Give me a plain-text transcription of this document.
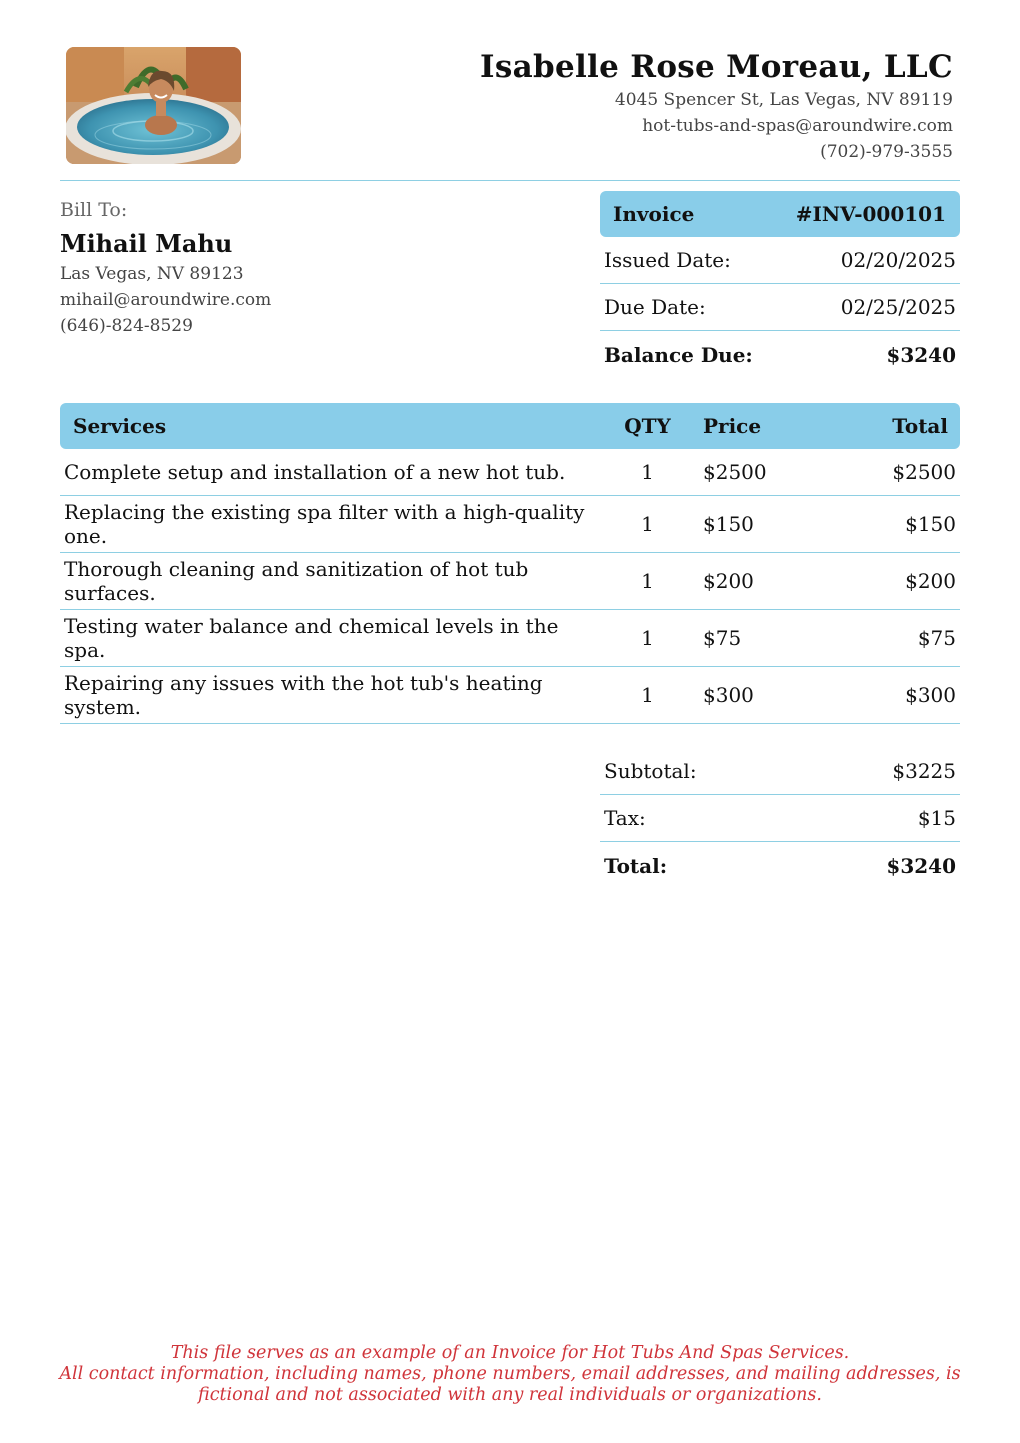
Isabelle Rose Moreau, LLC
4045 Spencer St, Las Vegas, NV 89119
hot-tubs-and-spas@aroundwire.com
(702)-979-3555
Bill To:
Mihail Mahu
Las Vegas, NV 89123
mihail@aroundwire.com
(646)-824-8529
Invoice	#INV-000101
Issued Date:	02/20/2025
Due Date:	02/25/2025
Balance Due:	$3240
Services	QTY	Price	Total
Complete setup and installation of a new hot tub.	1	$2500	$2500
Replacing the existing spa filter with a high-quality one.	1	$150	$150
Thorough cleaning and sanitization of hot tub surfaces.	1	$200	$200
Testing water balance and chemical levels in the spa.	1	$75	$75
Repairing any issues with the hot tub's heating system.	1	$300	$300
Subtotal:	$3225
Tax:	$15
Total:	$3240
This file serves as an example of an Invoice for Hot Tubs And Spas Services.
All contact information, including names, phone numbers, email addresses, and mailing addresses, is
fictional and not associated with any real individuals or organizations.
